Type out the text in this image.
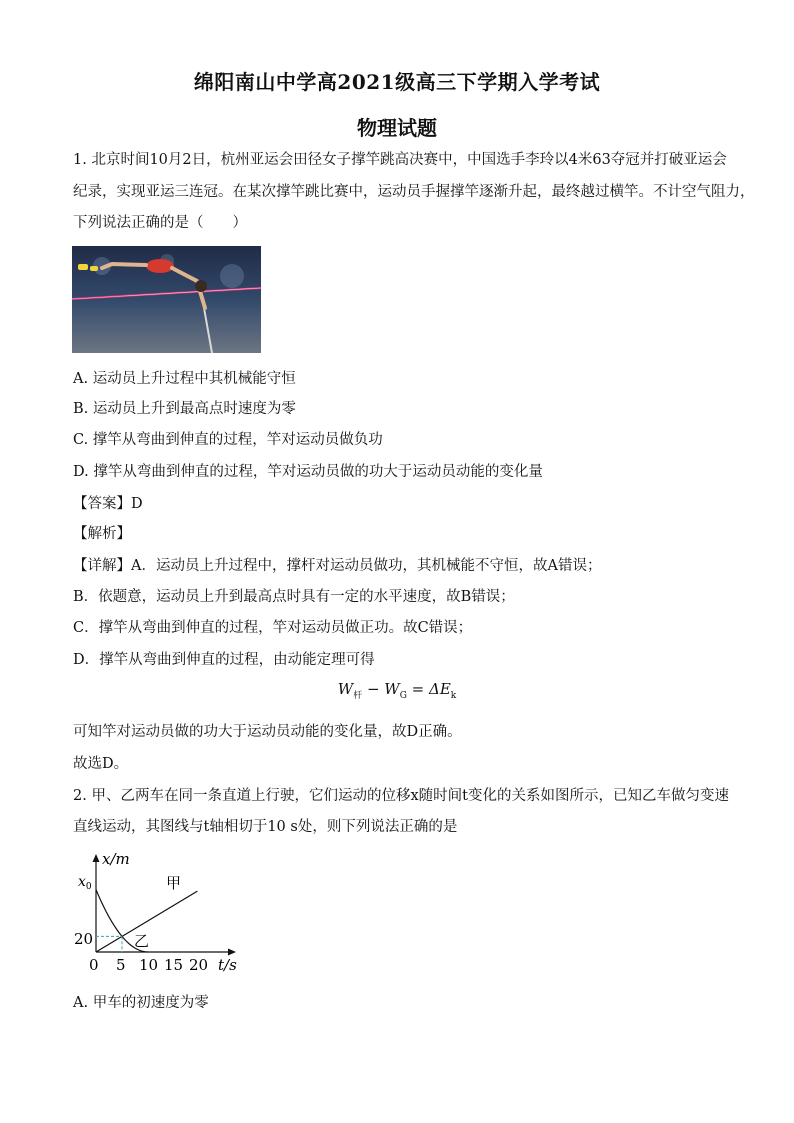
绵阳南山中学高2021级高三下学期入学考试
物理试题
1. 北京时间10月2日，杭州亚运会田径女子撑竿跳高决赛中，中国选手李玲以4米63夺冠并打破亚运会
纪录，实现亚运三连冠。在某次撑竿跳比赛中，运动员手握撑竿逐渐升起，最终越过横竿。不计空气阻力，
下列说法正确的是（　　）
A. 运动员上升过程中其机械能守恒
B. 运动员上升到最高点时速度为零
C. 撑竿从弯曲到伸直的过程，竿对运动员做负功
D. 撑竿从弯曲到伸直的过程，竿对运动员做的功大于运动员动能的变化量
【答案】D
【解析】
【详解】A．运动员上升过程中，撑杆对运动员做功，其机械能不守恒，故A错误；
B．依题意，运动员上升到最高点时具有一定的水平速度，故B错误；
C．撑竿从弯曲到伸直的过程，竿对运动员做正功。故C错误；
D．撑竿从弯曲到伸直的过程，由动能定理可得
$W_杆 - W_G = \Delta E_k$
可知竿对运动员做的功大于运动员动能的变化量，故D正确。
故选D。
2. 甲、乙两车在同一条直道上行驶，它们运动的位移x随时间t变化的关系如图所示，已知乙车做匀变速
直线运动，其图线与t轴相切于10 s处，则下列说法正确的是
x/m
t/s
$x_0$
20
0 5 10 15 20
甲
乙
A. 甲车的初速度为零
